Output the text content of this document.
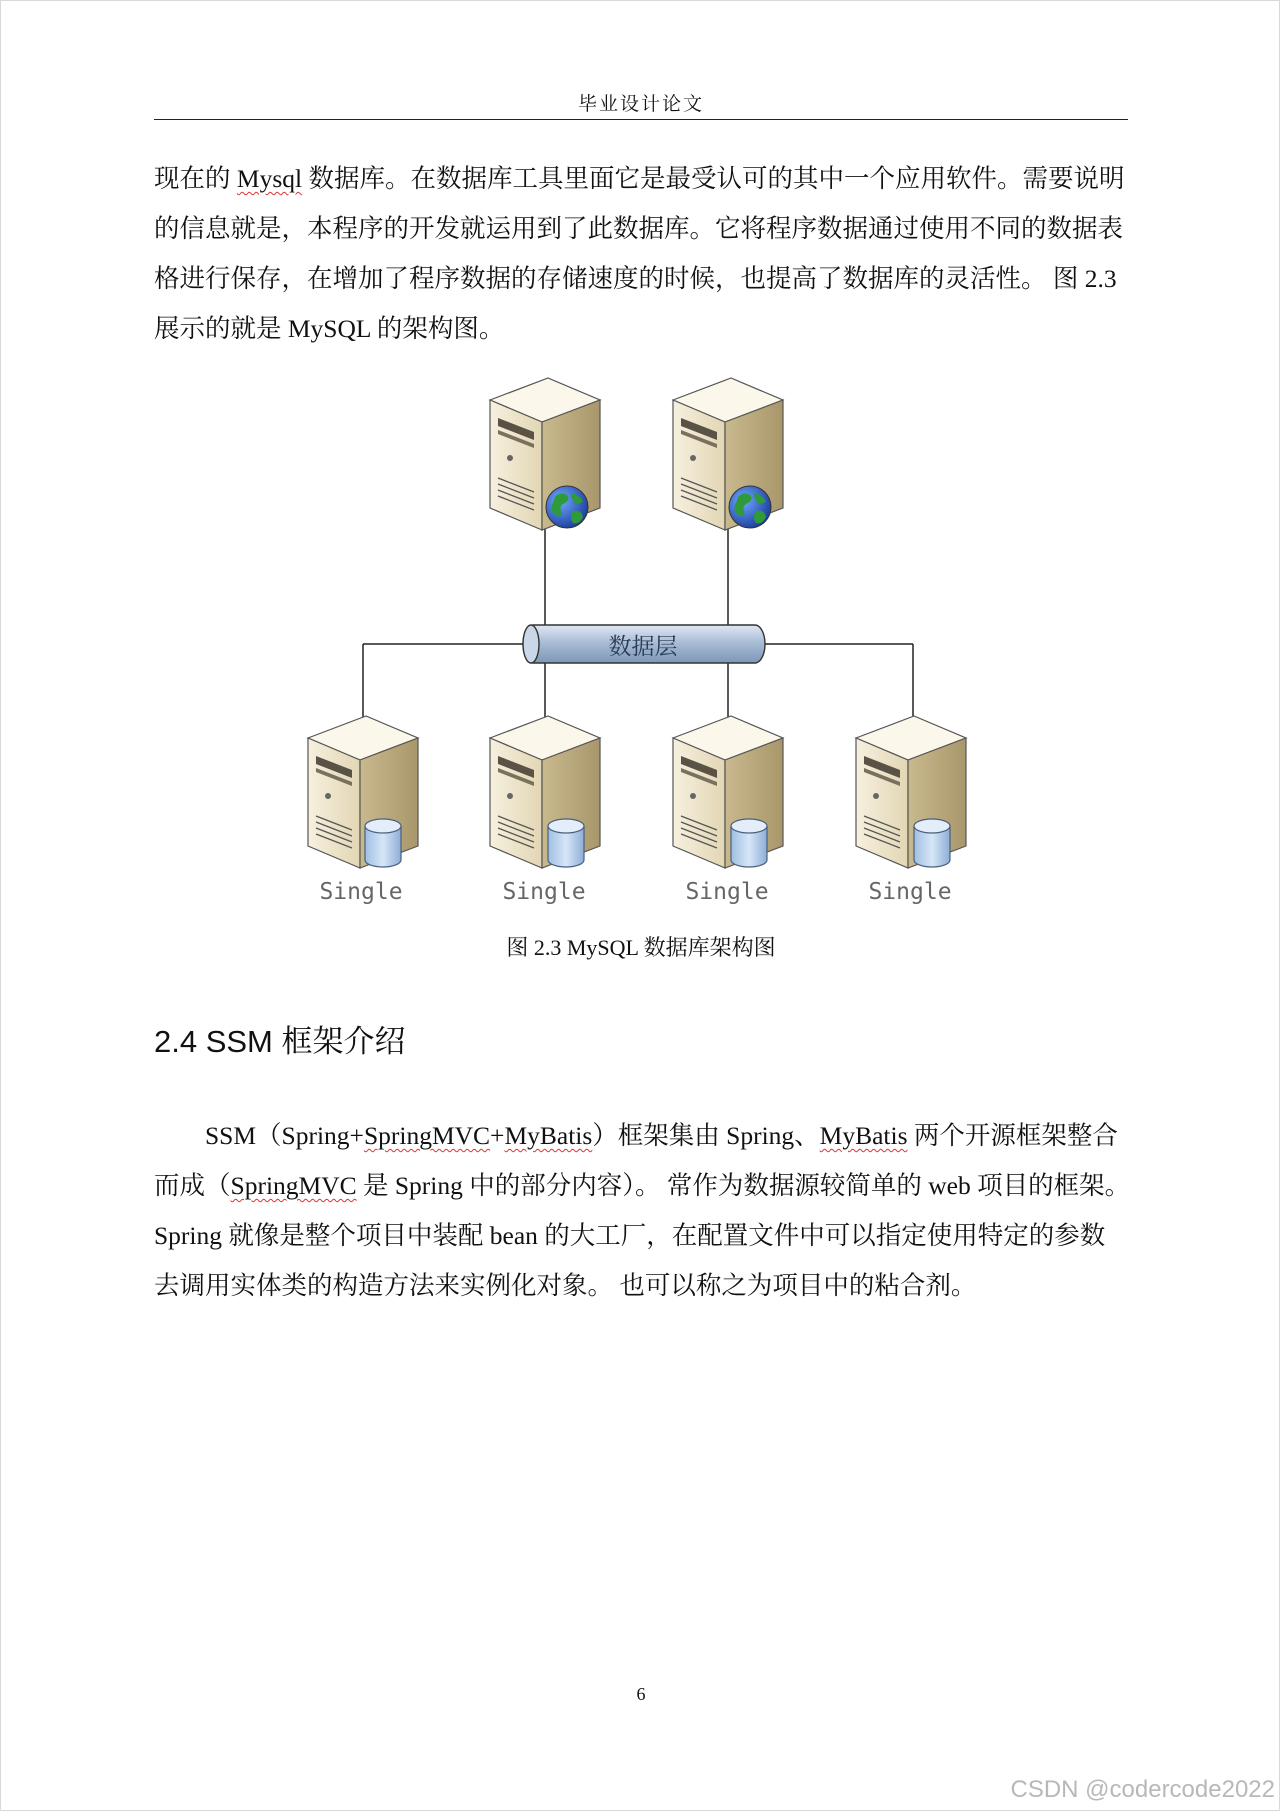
毕业设计论文

现在的 Mysql 数据库。在数据库工具里面它是最受认可的其中一个应用软件。需要说明
的信息就是，本程序的开发就运用到了此数据库。它将程序数据通过使用不同的数据表
格进行保存，在增加了程序数据的存储速度的时候，也提高了数据库的灵活性。 图 2.3
展示的就是 MySQL 的架构图。

数据层
Single	Single	Single	Single
图 2.3 MySQL 数据库架构图
2.4 SSM 框架介绍

SSM（Spring+SpringMVC+MyBatis）框架集由 Spring、MyBatis 两个开源框架整合
而成（SpringMVC 是 Spring 中的部分内容）。 常作为数据源较简单的 web 项目的框架。
Spring 就像是整个项目中装配 bean 的大工厂，在配置文件中可以指定使用特定的参数
去调用实体类的构造方法来实例化对象。 也可以称之为项目中的粘合剂。

6
CSDN @codercode2022
